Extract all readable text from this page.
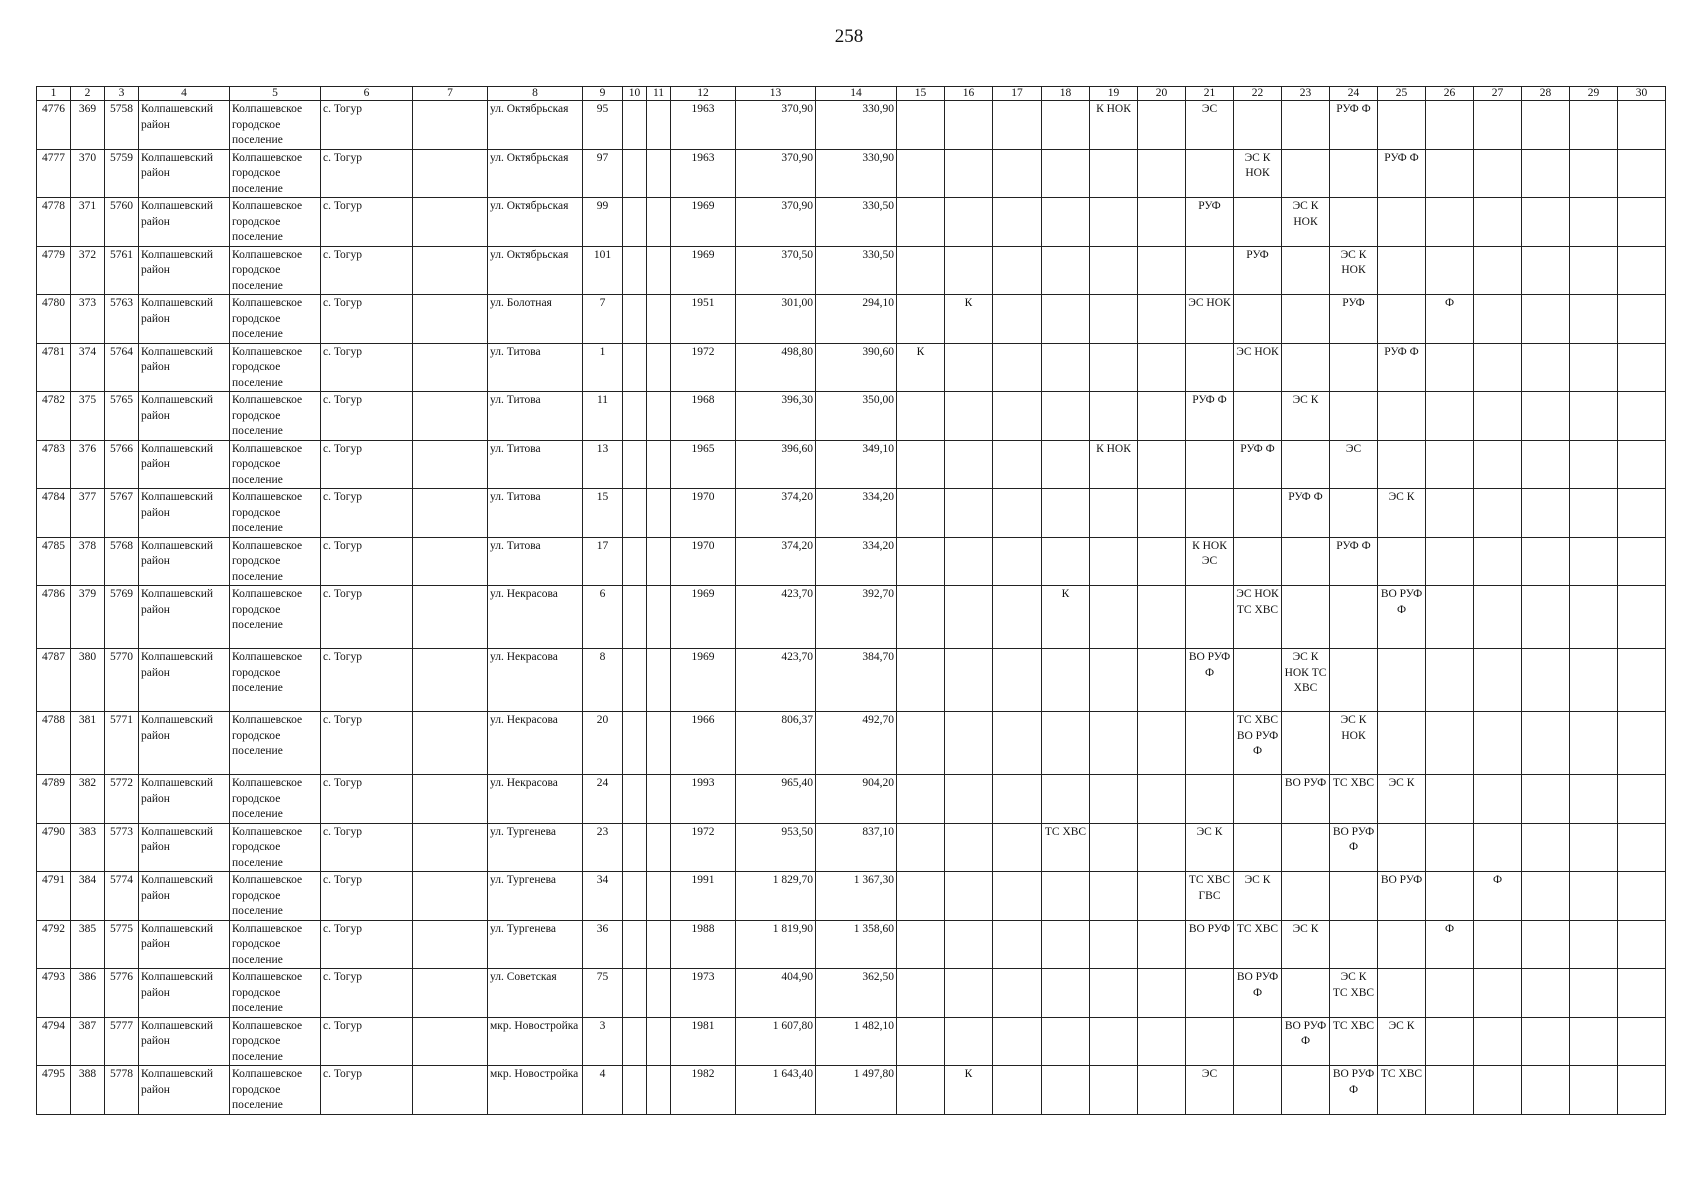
258
1	2	3	4	5	6	7	8	9	10	11	12	13	14	15	16	17	18	19	20	21	22	23	24	25	26	27	28	29	30
4776	369	5758	Колпашевский район	Колпашевское городское поселение	с. Тогур		ул. Октябрьская	95			1963	370,90	330,90					К НОК		ЭС			РУФ Ф						
4777	370	5759	Колпашевский район	Колпашевское городское поселение	с. Тогур		ул. Октябрьская	97			1963	370,90	330,90								ЭС К НОК			РУФ Ф					
4778	371	5760	Колпашевский район	Колпашевское городское поселение	с. Тогур		ул. Октябрьская	99			1969	370,90	330,50							РУФ		ЭС К НОК							
4779	372	5761	Колпашевский район	Колпашевское городское поселение	с. Тогур		ул. Октябрьская	101			1969	370,50	330,50								РУФ		ЭС К НОК						
4780	373	5763	Колпашевский район	Колпашевское городское поселение	с. Тогур		ул. Болотная	7			1951	301,00	294,10		К					ЭС НОК			РУФ		Ф				
4781	374	5764	Колпашевский район	Колпашевское городское поселение	с. Тогур		ул. Титова	1			1972	498,80	390,60	К							ЭС НОК			РУФ Ф					
4782	375	5765	Колпашевский район	Колпашевское городское поселение	с. Тогур		ул. Титова	11			1968	396,30	350,00							РУФ Ф		ЭС К							
4783	376	5766	Колпашевский район	Колпашевское городское поселение	с. Тогур		ул. Титова	13			1965	396,60	349,10					К НОК			РУФ Ф		ЭС						
4784	377	5767	Колпашевский район	Колпашевское городское поселение	с. Тогур		ул. Титова	15			1970	374,20	334,20									РУФ Ф		ЭС К					
4785	378	5768	Колпашевский район	Колпашевское городское поселение	с. Тогур		ул. Титова	17			1970	374,20	334,20							К НОК ЭС			РУФ Ф						
4786	379	5769	Колпашевский район	Колпашевское городское поселение	с. Тогур		ул. Некрасова	6			1969	423,70	392,70				К				ЭС НОК ТС ХВС			ВО РУФ Ф					
4787	380	5770	Колпашевский район	Колпашевское городское поселение	с. Тогур		ул. Некрасова	8			1969	423,70	384,70							ВО РУФ Ф		ЭС К НОК ТС ХВС							
4788	381	5771	Колпашевский район	Колпашевское городское поселение	с. Тогур		ул. Некрасова	20			1966	806,37	492,70								ТС ХВС ВО РУФ Ф		ЭС К НОК						
4789	382	5772	Колпашевский район	Колпашевское городское поселение	с. Тогур		ул. Некрасова	24			1993	965,40	904,20									ВО РУФ	ТС ХВС	ЭС К					
4790	383	5773	Колпашевский район	Колпашевское городское поселение	с. Тогур		ул. Тургенева	23			1972	953,50	837,10				ТС ХВС			ЭС К			ВО РУФ Ф						
4791	384	5774	Колпашевский район	Колпашевское городское поселение	с. Тогур		ул. Тургенева	34			1991	1 829,70	1 367,30							ТС ХВС ГВС	ЭС К			ВО РУФ		Ф			
4792	385	5775	Колпашевский район	Колпашевское городское поселение	с. Тогур		ул. Тургенева	36			1988	1 819,90	1 358,60							ВО РУФ	ТС ХВС	ЭС К			Ф				
4793	386	5776	Колпашевский район	Колпашевское городское поселение	с. Тогур		ул. Советская	75			1973	404,90	362,50								ВО РУФ Ф		ЭС К ТС ХВС						
4794	387	5777	Колпашевский район	Колпашевское городское поселение	с. Тогур		мкр. Новостройка	3			1981	1 607,80	1 482,10									ВО РУФ Ф	ТС ХВС	ЭС К					
4795	388	5778	Колпашевский район	Колпашевское городское поселение	с. Тогур		мкр. Новостройка	4			1982	1 643,40	1 497,80		К					ЭС			ВО РУФ Ф	ТС ХВС					
